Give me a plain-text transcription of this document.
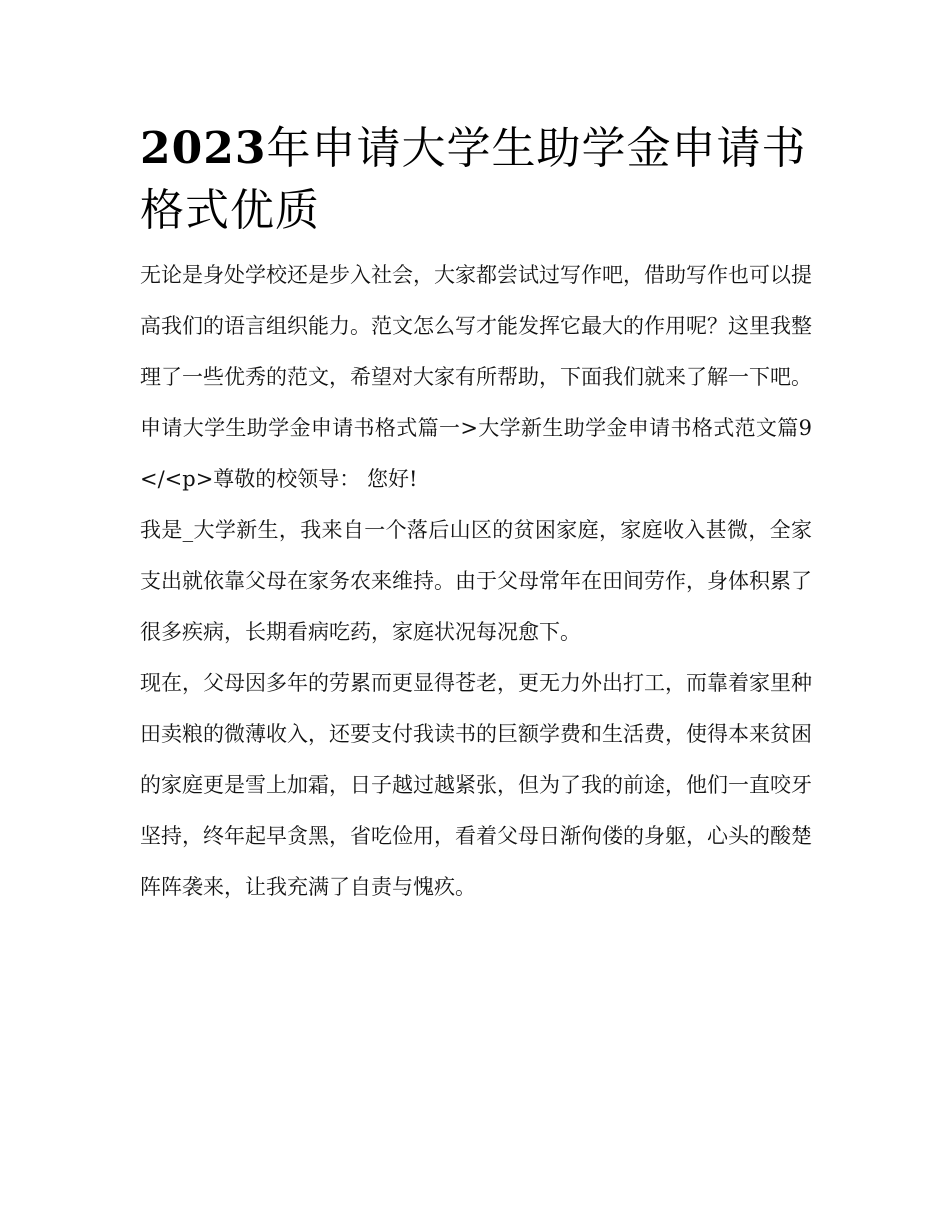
2023年申请大学生助学金申请书格式优质

无论是身处学校还是步入社会，大家都尝试过写作吧，借助写作也可以提高我们的语言组织能力。范文怎么写才能发挥它最大的作用呢？这里我整理了一些优秀的范文，希望对大家有所帮助，下面我们就来了解一下吧。

申请大学生助学金申请书格式篇一>大学新生助学金申请书格式范文篇9</<p>尊敬的校领导： 您好!

我是_大学新生，我来自一个落后山区的贫困家庭，家庭收入甚微，全家支出就依靠父母在家务农来维持。由于父母常年在田间劳作，身体积累了很多疾病，长期看病吃药，家庭状况每况愈下。

现在，父母因多年的劳累而更显得苍老，更无力外出打工，而靠着家里种田卖粮的微薄收入，还要支付我读书的巨额学费和生活费，使得本来贫困的家庭更是雪上加霜，日子越过越紧张，但为了我的前途，他们一直咬牙坚持，终年起早贪黑，省吃俭用，看着父母日渐佝偻的身躯，心头的酸楚阵阵袭来，让我充满了自责与愧疚。
